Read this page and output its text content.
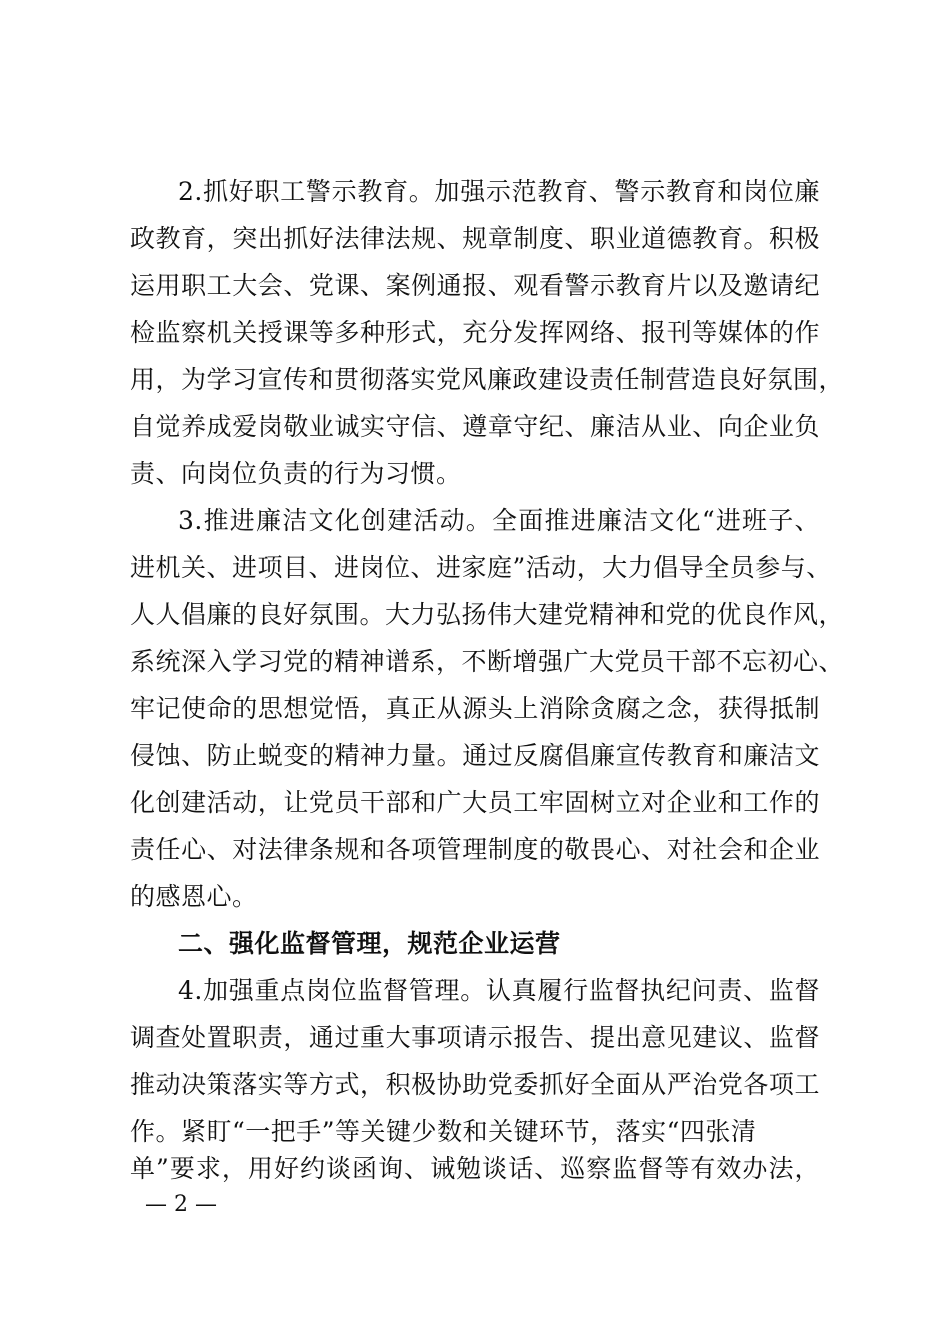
2.抓好职工警示教育。加强示范教育、警示教育和岗位廉
政教育，突出抓好法律法规、规章制度、职业道德教育。积极
运用职工大会、党课、案例通报、观看警示教育片以及邀请纪
检监察机关授课等多种形式，充分发挥网络、报刊等媒体的作
用，为学习宣传和贯彻落实党风廉政建设责任制营造良好氛围，
自觉养成爱岗敬业诚实守信、遵章守纪、廉洁从业、向企业负
责、向岗位负责的行为习惯。
3.推进廉洁文化创建活动。全面推进廉洁文化“进班子、
进机关、进项目、进岗位、进家庭”活动，大力倡导全员参与、
人人倡廉的良好氛围。大力弘扬伟大建党精神和党的优良作风，
系统深入学习党的精神谱系，不断增强广大党员干部不忘初心、
牢记使命的思想觉悟，真正从源头上消除贪腐之念，获得抵制
侵蚀、防止蜕变的精神力量。通过反腐倡廉宣传教育和廉洁文
化创建活动，让党员干部和广大员工牢固树立对企业和工作的
责任心、对法律条规和各项管理制度的敬畏心、对社会和企业
的感恩心。
二、强化监督管理，规范企业运营
4.加强重点岗位监督管理。认真履行监督执纪问责、监督
调查处置职责，通过重大事项请示报告、提出意见建议、监督
推动决策落实等方式，积极协助党委抓好全面从严治党各项工
作。紧盯“一把手”等关键少数和关键环节，落实“四张清
单”要求，用好约谈函询、诫勉谈话、巡察监督等有效办法，
— 2 —
